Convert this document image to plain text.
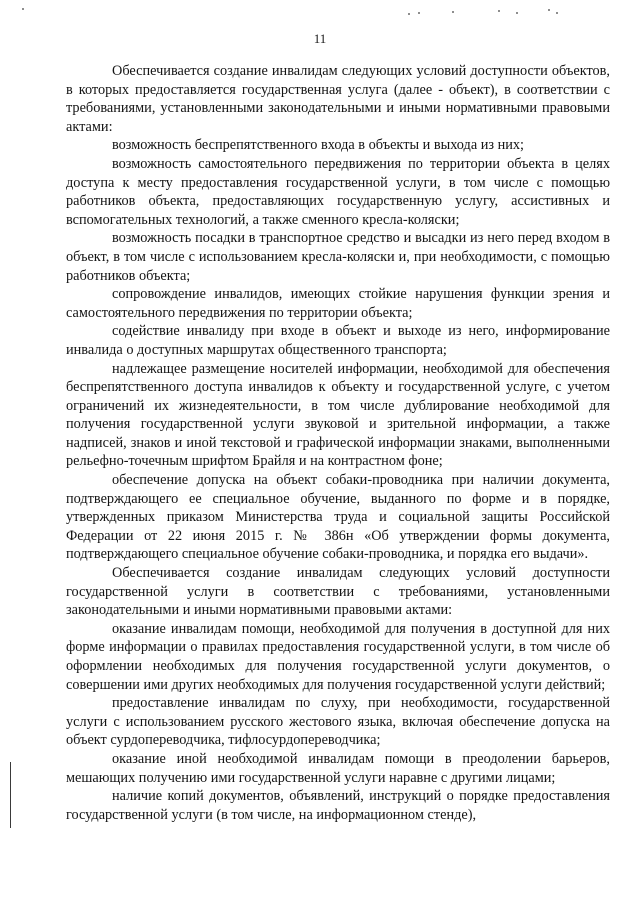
11

Обеспечивается создание инвалидам следующих условий доступности объектов, в которых предоставляется государственная услуга (далее - объект), в соответствии с требованиями, установленными законодательными и иными нормативными правовыми актами:

возможность беспрепятственного входа в объекты и выхода из них;

возможность самостоятельного передвижения по территории объекта в целях доступа к месту предоставления государственной услуги, в том числе с помощью работников объекта, предоставляющих государственную услугу, ассистивных и вспомогательных технологий, а также сменного кресла-коляски;

возможность посадки в транспортное средство и высадки из него перед входом в объект, в том числе с использованием кресла-коляски и, при необходимости, с помощью работников объекта;

сопровождение инвалидов, имеющих стойкие нарушения функции зрения и самостоятельного передвижения по территории объекта;

содействие инвалиду при входе в объект и выходе из него, информирование инвалида о доступных маршрутах общественного транспорта;

надлежащее размещение носителей информации, необходимой для обеспечения беспрепятственного доступа инвалидов к объекту и государственной услуге, с учетом ограничений их жизнедеятельности, в том числе дублирование необходимой для получения государственной услуги звуковой и зрительной информации, а также надписей, знаков и иной текстовой и графической информации знаками, выполненными рельефно-точечным шрифтом Брайля и на контрастном фоне;

обеспечение допуска на объект собаки-проводника при наличии документа, подтверждающего ее специальное обучение, выданного по форме и в порядке, утвержденных приказом Министерства труда и социальной защиты Российской Федерации от 22 июня 2015 г. № 386н «Об утверждении формы документа, подтверждающего специальное обучение собаки-проводника, и порядка его выдачи».

Обеспечивается создание инвалидам следующих условий доступности государственной услуги в соответствии с требованиями, установленными законодательными и иными нормативными правовыми актами:

оказание инвалидам помощи, необходимой для получения в доступной для них форме информации о правилах предоставления государственной услуги, в том числе об оформлении необходимых для получения государственной услуги документов, о совершении ими других необходимых для получения государственной услуги действий;

предоставление инвалидам по слуху, при необходимости, государственной услуги с использованием русского жестового языка, включая обеспечение допуска на объект сурдопереводчика, тифлосурдопереводчика;

оказание иной необходимой инвалидам помощи в преодолении барьеров, мешающих получению ими государственной услуги наравне с другими лицами;

наличие копий документов, объявлений, инструкций о порядке предоставления государственной услуги (в том числе, на информационном стенде),
